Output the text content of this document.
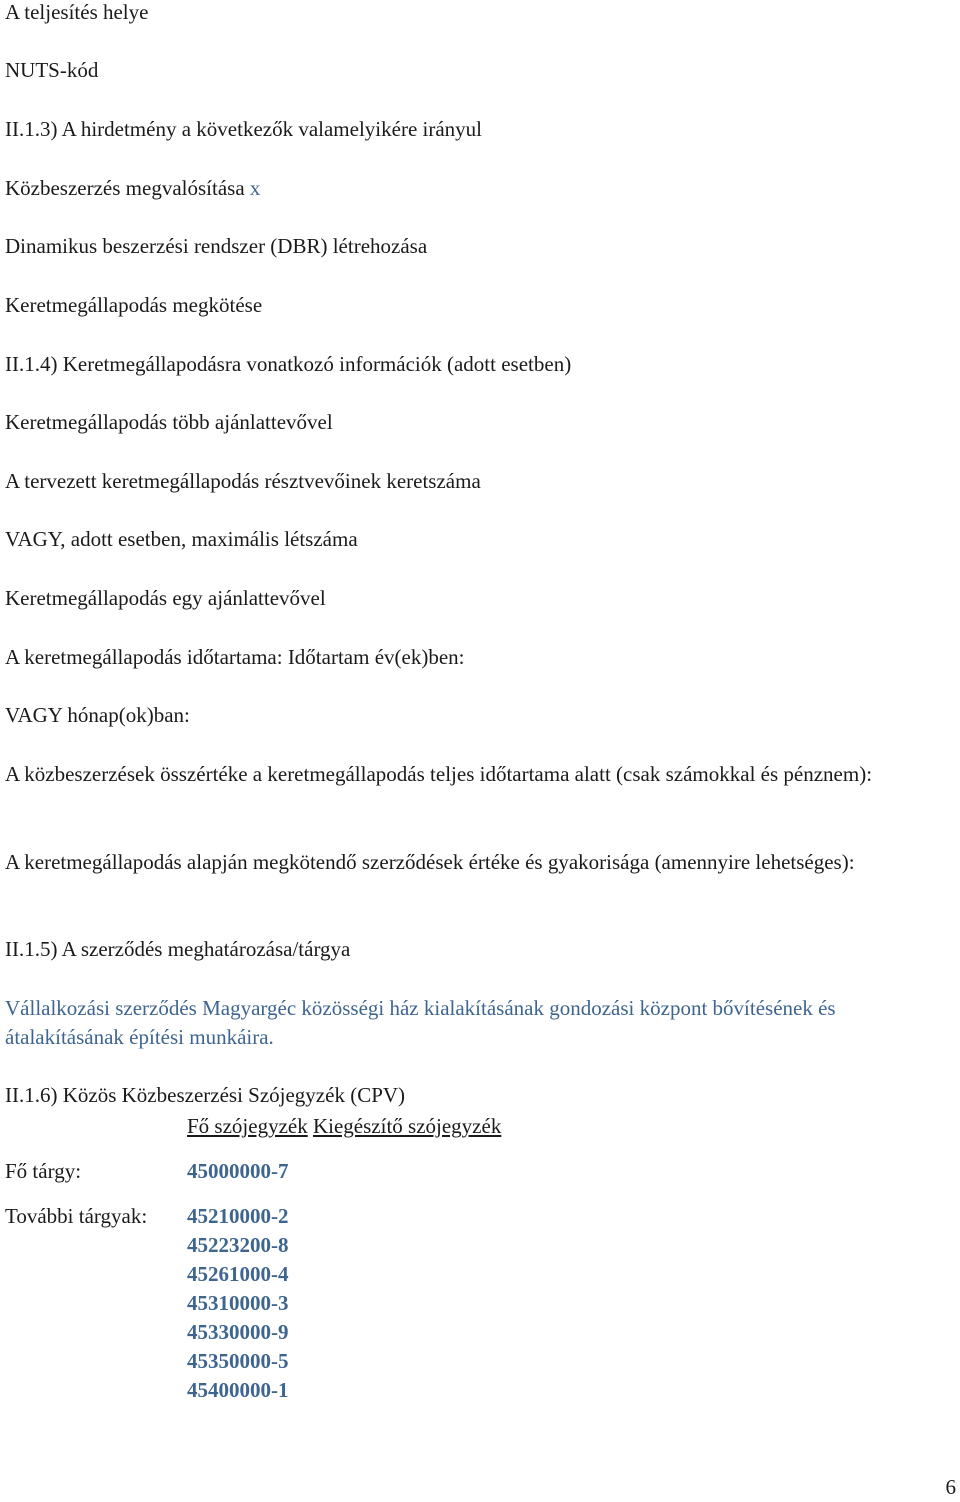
A teljesítés helye
NUTS-kód
II.1.3) A hirdetmény a következők valamelyikére irányul
Közbeszerzés megvalósítása x
Dinamikus beszerzési rendszer (DBR) létrehozása
Keretmegállapodás megkötése
II.1.4) Keretmegállapodásra vonatkozó információk (adott esetben)
Keretmegállapodás több ajánlattevővel
A tervezett keretmegállapodás résztvevőinek keretszáma
VAGY, adott esetben, maximális létszáma
Keretmegállapodás egy ajánlattevővel
A keretmegállapodás időtartama: Időtartam év(ek)ben:
VAGY hónap(ok)ban:
A közbeszerzések összértéke a keretmegállapodás teljes időtartama alatt (csak számokkal és pénznem):
A keretmegállapodás alapján megkötendő szerződések értéke és gyakorisága (amennyire lehetséges):
II.1.5) A szerződés meghatározása/tárgya
Vállalkozási szerződés Magyargéc közösségi ház kialakításának gondozási központ bővítésének és átalakításának építési munkáira.
II.1.6) Közös Közbeszerzési Szójegyzék (CPV)
Fő szójegyzék Kiegészítő szójegyzék
Fő tárgy:	45000000-7
További tárgyak:	45210000-2
45223200-8
45261000-4
45310000-3
45330000-9
45350000-5
45400000-1
6
